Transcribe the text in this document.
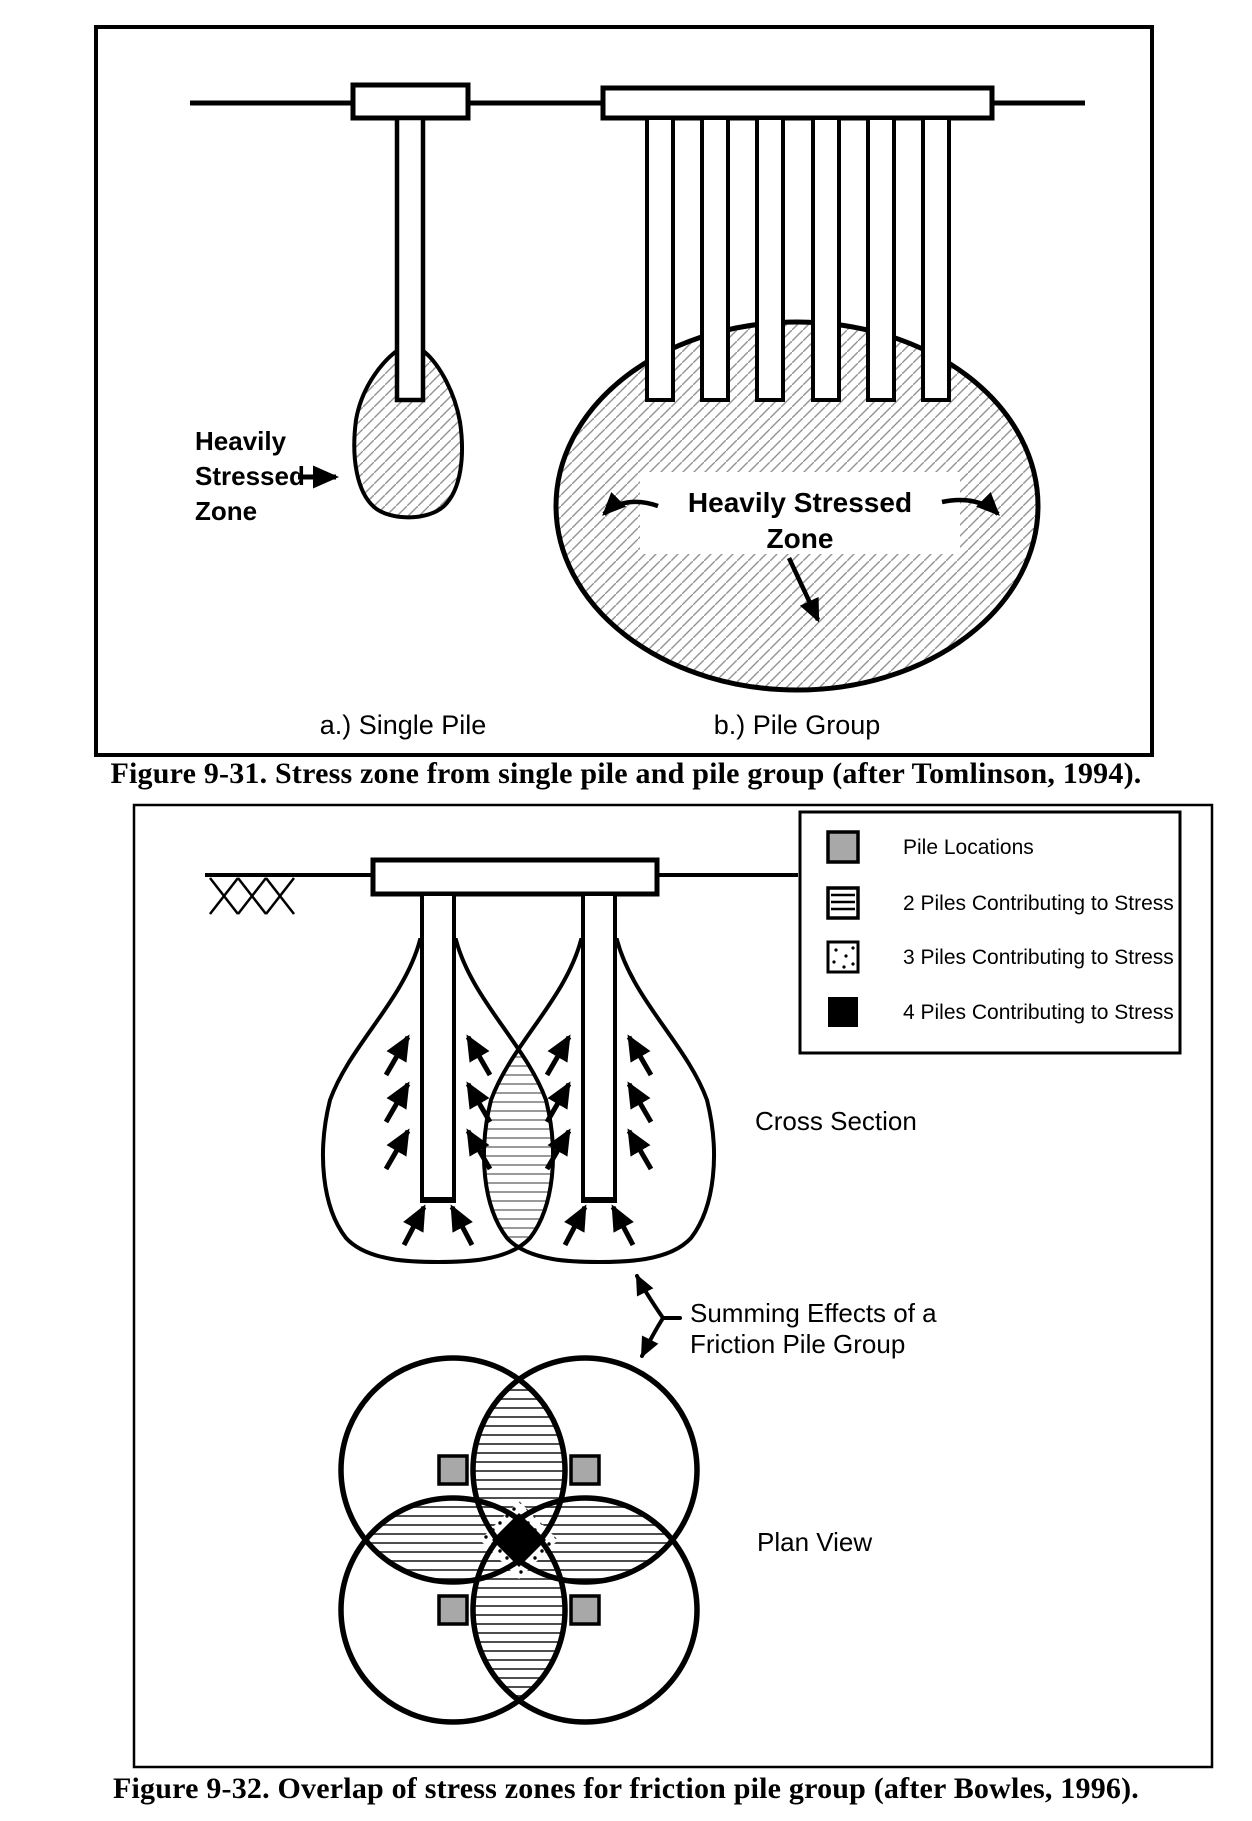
Heavily
Stressed
Zone	Heavily Stressed
Zone
a.) Single Pile	b.) Pile Group
Cross Section
Summing Effects of a
Friction Pile Group
Plan View
Pile Locations
2 Piles Contributing to Stress
3 Piles Contributing to Stress
4 Piles Contributing to Stress
Figure 9-31. Stress zone from single pile and pile group (after Tomlinson, 1994).
Figure 9-32. Overlap of stress zones for friction pile group (after Bowles, 1996).
